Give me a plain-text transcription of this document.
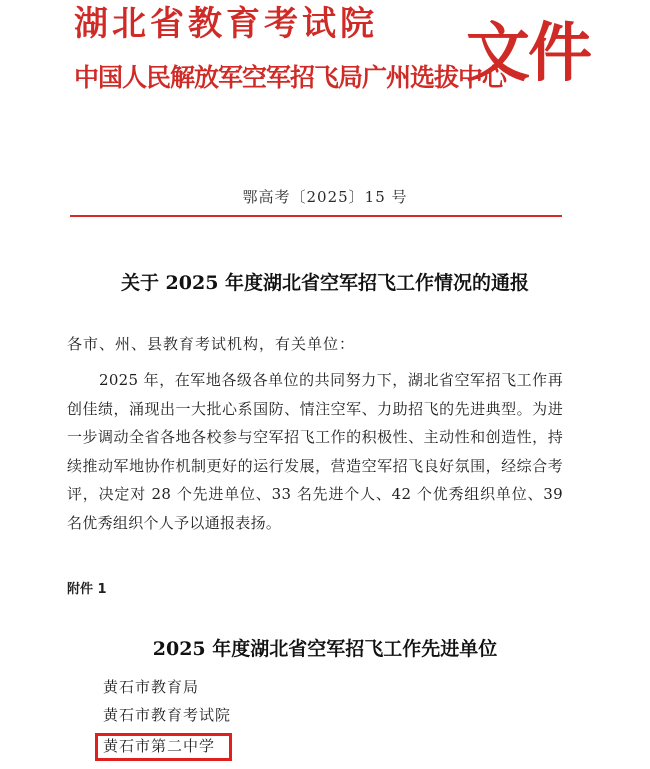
湖北省教育考试院
中国人民解放军空军招飞局广州选拔中心
文件
鄂高考〔2025〕15 号
关于 2025 年度湖北省空军招飞工作情况的通报
各市、州、县教育考试机构，有关单位：
2025 年，在军地各级各单位的共同努力下，湖北省空军招飞工作再创佳绩，涌现出一大批心系国防、情注空军、力助招飞的先进典型。为进一步调动全省各地各校参与空军招飞工作的积极性、主动性和创造性，持续推动军地协作机制更好的运行发展，营造空军招飞良好氛围，经综合考评，决定对 28 个先进单位、33 名先进个人、42 个优秀组织单位、39 名优秀组织个人予以通报表扬。
附件 1
2025 年度湖北省空军招飞工作先进单位
黄石市教育局
黄石市教育考试院
黄石市第二中学
